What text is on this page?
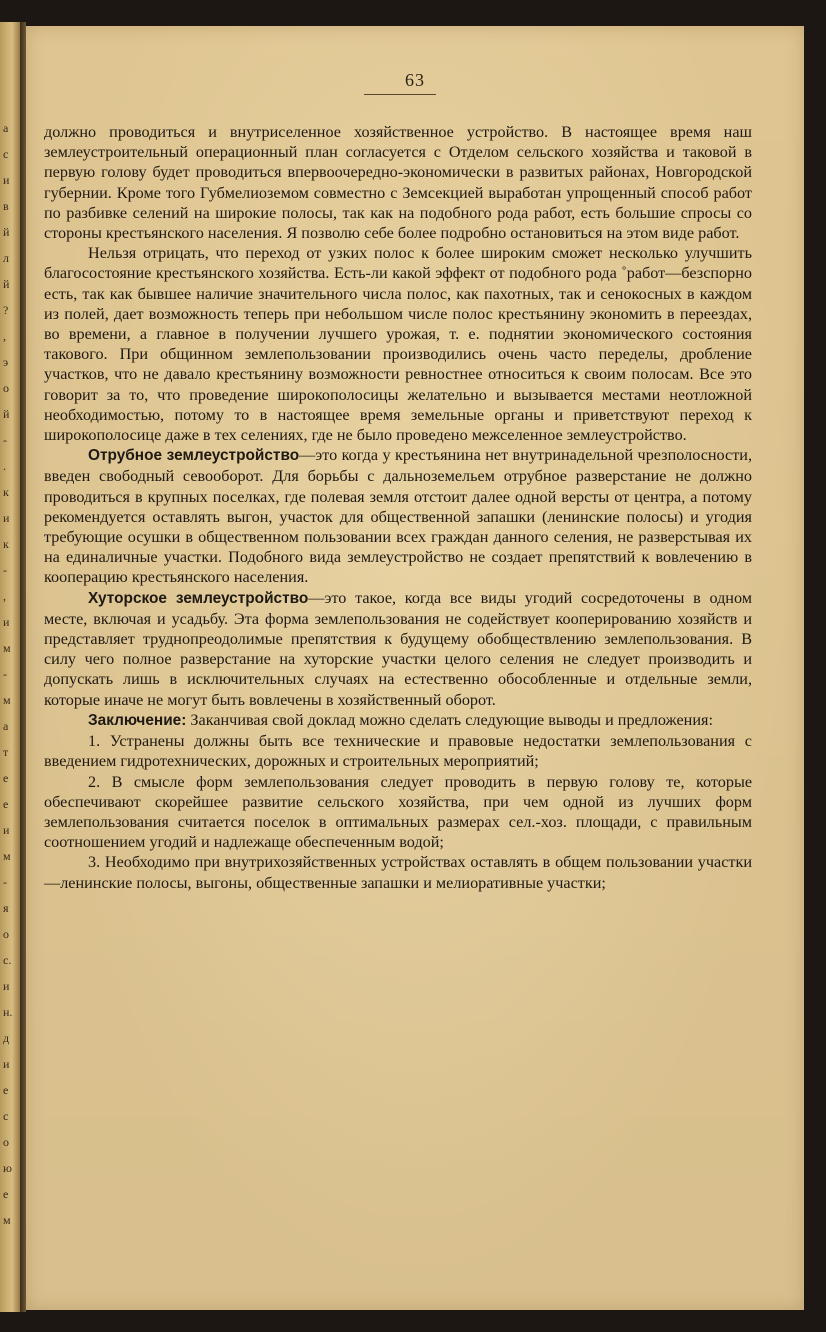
а
с
и
в
й
л
й
?
,
э
о
й
-
.
к
и
к
-
,
и
м
-
м
а
т
е
е
и
м
-
я
о
с.
и
н.
д
и
е
с
о
ю
е
м
63

должно проводиться и внутриселенное хозяйственное устройство. В настоящее время наш землеустроительный операционный план согласуется с Отделом сельского хозяйства и таковой в первую голову будет проводиться впервоочередно-экономически в развитых районах, Новгородской губернии. Кроме того Губмелиоземом совместно с Земсекцией выработан упрощенный способ работ по разбивке селений на широкие полосы, так как на подобного рода работ, есть большие спросы со стороны крестьянского населения. Я позволю себе более подробно остановиться на этом виде работ.

Нельзя отрицать, что переход от узких полос к более широким сможет несколько улучшить благосостояние крестьянского хозяйства. Есть-ли какой эффект от подобного рода ˚работ—безспорно есть, так как бывшее наличие значительного числа полос, как пахотных, так и сенокосных в каждом из полей, дает возможность теперь при небольшом числе полос крестьянину экономить в переездах, во времени, а главное в получении лучшего урожая, т. е. поднятии экономического состояния такового. При общинном землепользовании производились очень часто переделы, дробление участков, что не давало крестьянину возможности ревностнее относиться к своим полосам. Все это говорит за то, что проведение широкополосицы желательно и вызывается местами неотложной необходимостью, потому то в настоящее время земельные органы и приветствуют переход к широкополосице даже в тех селениях, где не было проведено межселенное землеустройство.

Отрубное землеустройство—это когда у крестьянина нет внутринадельной чрезполосности, введен свободный севооборот. Для борьбы с дальноземельем отрубное разверстание не должно проводиться в крупных поселках, где полевая земля отстоит далее одной версты от центра, а потому рекомендуется оставлять выгон, участок для общественной запашки (ленинские полосы) и угодия требующие осушки в общественном пользовании всех граждан данного селения, не разверстывая их на единаличные участки. Подобного вида землеустройство не создает препятствий к вовлечению в кооперацию крестьянского населения.

Хуторское землеустройство—это такое, когда все виды угодий сосредоточены в одном месте, включая и усадьбу. Эта форма землепользования не содействует кооперированию хозяйств и представляет труднопреодолимые препятствия к будущему обобществлению землепользования. В силу чего полное разверстание на хуторские участки целого селения не следует производить и допускать лишь в исключительных случаях на естественно обособленные и отдельные земли, которые иначе не могут быть вовлечены в хозяйственный оборот.

Заключение: Заканчивая свой доклад можно сделать следующие выводы и предложения:

1. Устранены должны быть все технические и правовые недостатки землепользования с введением гидротехнических, дорожных и строительных мероприятий;

2. В смысле форм землепользования следует проводить в первую голову те, которые обеспечивают скорейшее развитие сельского хозяйства, при чем одной из лучших форм землепользования считается поселок в оптимальных размерах сел.-хоз. площади, с правильным соотношением угодий и надлежаще обеспеченным водой;

3. Необходимо при внутрихозяйственных устройствах оставлять в общем пользовании участки—ленинские полосы, выгоны, общественные запашки и мелиоративные участки;
